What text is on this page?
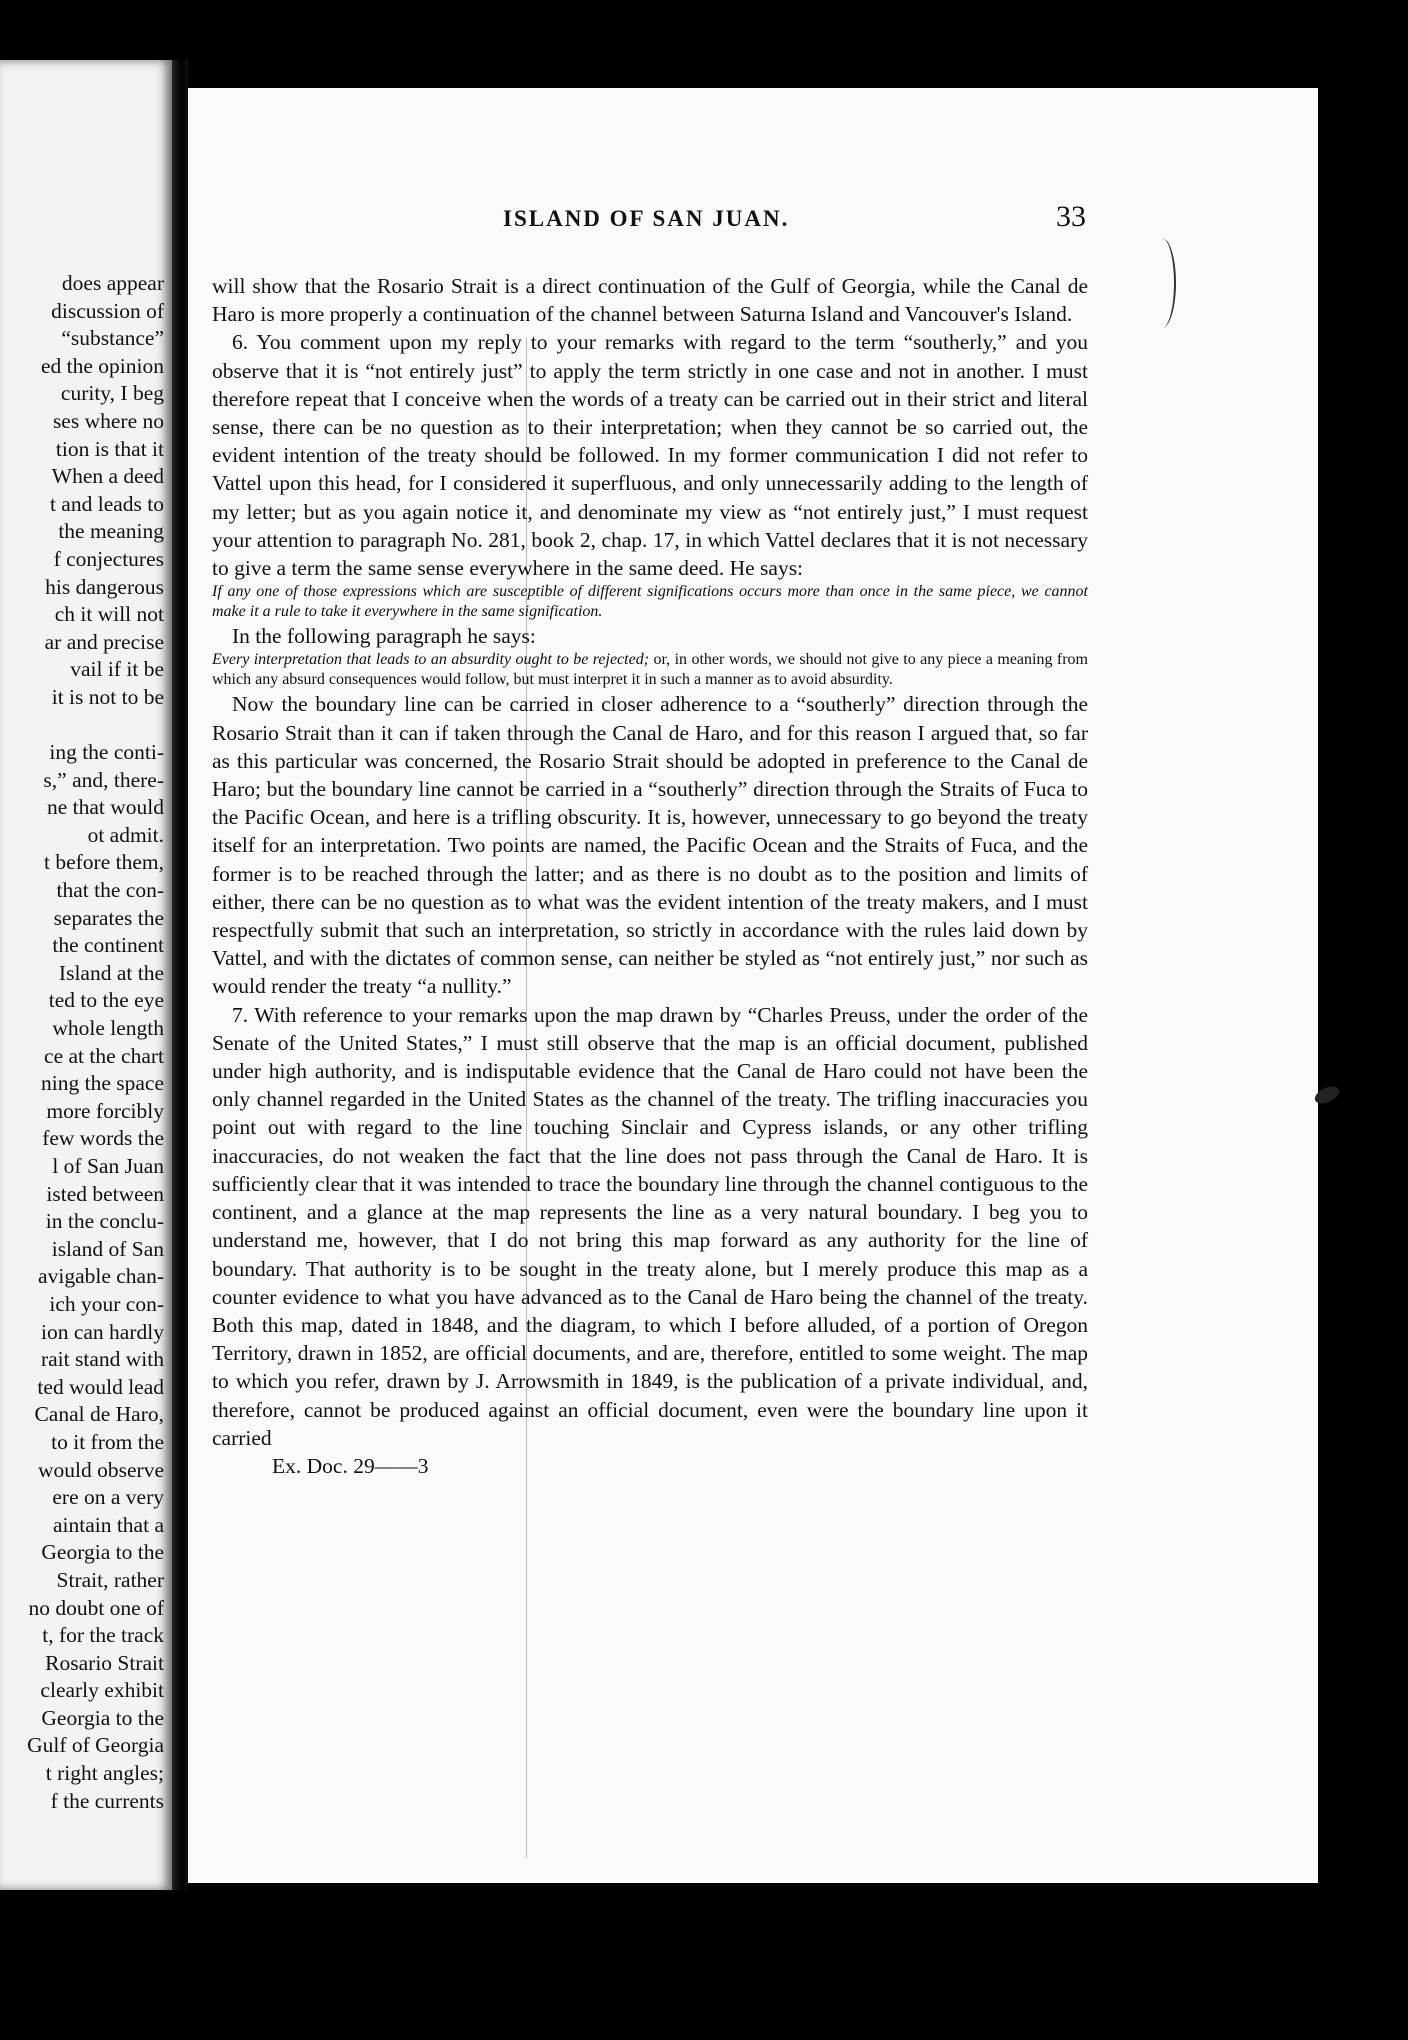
does appear
discussion of
“substance”
ed the opinion
curity, I beg
ses where no
tion is that it
When a deed
t and leads to
the meaning
f conjectures
his dangerous
ch it will not
ar and precise
vail if it be
it is not to be
ing the conti-
s,” and, there-
ne that would
ot admit.
t before them,
that the con-
separates the
the continent
Island at the
ted to the eye
whole length
ce at the chart
ning the space
more forcibly
few words the
l of San Juan
isted between
in the conclu-
island of San
avigable chan-
ich your con-
ion can hardly
rait stand with
ted would lead
Canal de Haro,
to it from the
would observe
ere on a very
aintain that a
Georgia to the
Strait, rather
no doubt one of
t, for the track
Rosario Strait
clearly exhibit
Georgia to the
Gulf of Georgia
t right angles;
f the currents
ISLAND OF SAN JUAN.	33

will show that the Rosario Strait is a direct continuation of the Gulf of Georgia, while the Canal de Haro is more properly a continuation of the channel between Saturna Island and Vancouver's Island.

6. You comment upon my reply to your remarks with regard to the term “southerly,” and you observe that it is “not entirely just” to apply the term strictly in one case and not in another. I must therefore repeat that I conceive when the words of a treaty can be carried out in their strict and literal sense, there can be no question as to their interpretation; when they cannot be so carried out, the evident intention of the treaty should be followed. In my former communication I did not refer to Vattel upon this head, for I considered it superfluous, and only unnecessarily adding to the length of my letter; but as you again notice it, and denominate my view as “not entirely just,” I must request your attention to paragraph No. 281, book 2, chap. 17, in which Vattel declares that it is not necessary to give a term the same sense everywhere in the same deed. He says:

If any one of those expressions which are susceptible of different significations occurs more than once in the same piece, we cannot make it a rule to take it everywhere in the same signification.

In the following paragraph he says:

Every interpretation that leads to an absurdity ought to be rejected; or, in other words, we should not give to any piece a meaning from which any absurd consequences would follow, but must interpret it in such a manner as to avoid absurdity.

Now the boundary line can be carried in closer adherence to a “southerly” direction through the Rosario Strait than it can if taken through the Canal de Haro, and for this reason I argued that, so far as this particular was concerned, the Rosario Strait should be adopted in preference to the Canal de Haro; but the boundary line cannot be carried in a “southerly” direction through the Straits of Fuca to the Pacific Ocean, and here is a trifling obscurity. It is, however, unnecessary to go beyond the treaty itself for an interpretation. Two points are named, the Pacific Ocean and the Straits of Fuca, and the former is to be reached through the latter; and as there is no doubt as to the position and limits of either, there can be no question as to what was the evident intention of the treaty makers, and I must respectfully submit that such an interpretation, so strictly in accordance with the rules laid down by Vattel, and with the dictates of common sense, can neither be styled as “not entirely just,” nor such as would render the treaty “a nullity.”

7. With reference to your remarks upon the map drawn by “Charles Preuss, under the order of the Senate of the United States,” I must still observe that the map is an official document, published under high authority, and is indisputable evidence that the Canal de Haro could not have been the only channel regarded in the United States as the channel of the treaty. The trifling inaccuracies you point out with regard to the line touching Sinclair and Cypress islands, or any other trifling inaccuracies, do not weaken the fact that the line does not pass through the Canal de Haro. It is sufficiently clear that it was intended to trace the boundary line through the channel contiguous to the continent, and a glance at the map represents the line as a very natural boundary. I beg you to understand me, however, that I do not bring this map forward as any authority for the line of boundary. That authority is to be sought in the treaty alone, but I merely produce this map as a counter evidence to what you have advanced as to the Canal de Haro being the channel of the treaty. Both this map, dated in 1848, and the diagram, to which I before alluded, of a portion of Oregon Territory, drawn in 1852, are official documents, and are, therefore, entitled to some weight. The map to which you refer, drawn by J. Arrowsmith in 1849, is the publication of a private individual, and, therefore, cannot be produced against an official document, even were the boundary line upon it carried

Ex. Doc. 29——3
